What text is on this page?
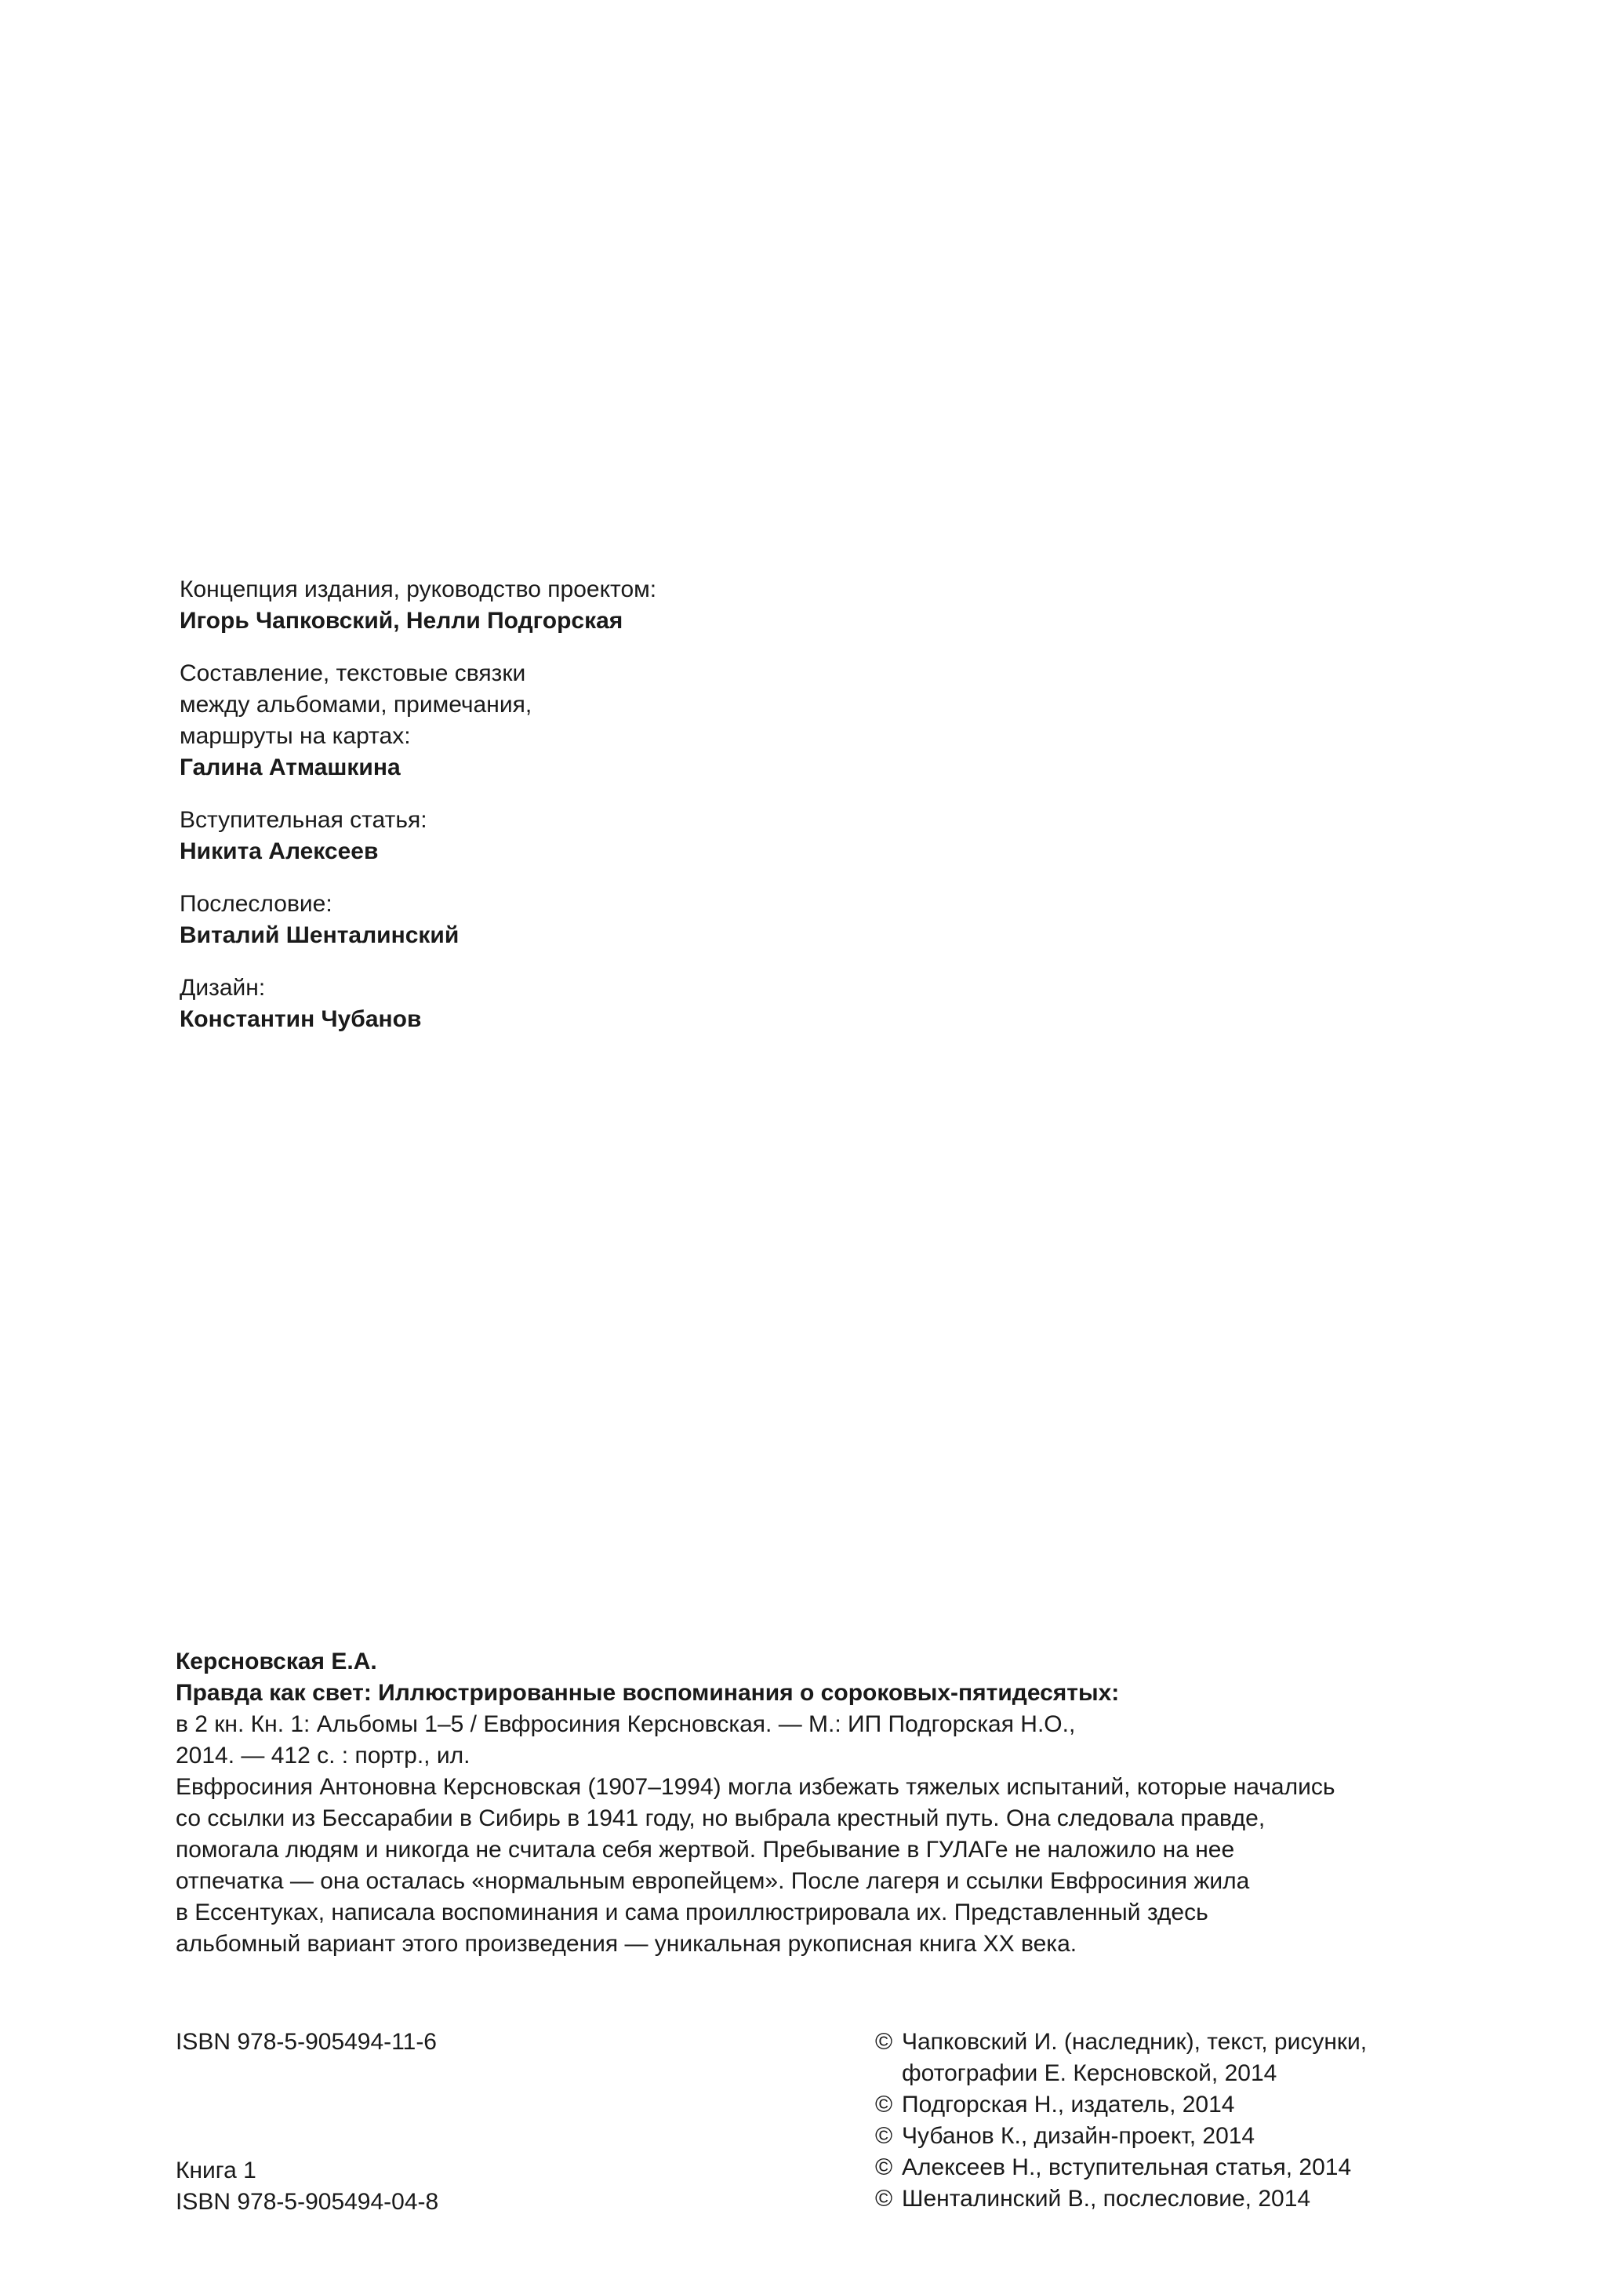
Концепция издания, руководство проектом:
Игорь Чапковский, Нелли Подгорская
Составление, текстовые связки
между альбомами, примечания,
маршруты на картах:
Галина Атмашкина
Вступительная статья:
Никита Алексеев
Послесловие:
Виталий Шенталинский
Дизайн:
Константин Чубанов
Керсновская Е.А.
Правда как свет: Иллюстрированные воспоминания о сороковых-пятидесятых:
в 2 кн. Кн. 1: Альбомы 1–5 / Евфросиния Керсновская. — М.: ИП Подгорская Н.О.,
2014. — 412 с. : портр., ил.
Евфросиния Антоновна Керсновская (1907–1994) могла избежать тяжелых испытаний, которые начались
со ссылки из Бессарабии в Сибирь в 1941 году, но выбрала крестный путь. Она следовала правде,
помогала людям и никогда не считала себя жертвой. Пребывание в ГУЛАГе не наложило на нее
отпечатка — она осталась «нормальным европейцем». После лагеря и ссылки Евфросиния жила
в Ессентуках, написала воспоминания и сама проиллюстрировала их. Представленный здесь
альбомный вариант этого произведения — уникальная рукописная книга XX века.
ISBN 978-5-905494-11-6
Книга 1
ISBN 978-5-905494-04-8
© Чапковский И. (наследник), текст, рисунки,
фотографии Е. Керсновской, 2014
© Подгорская Н., издатель, 2014
© Чубанов К., дизайн-проект, 2014
© Алексеев Н., вступительная статья, 2014
© Шенталинский В., послесловие, 2014
